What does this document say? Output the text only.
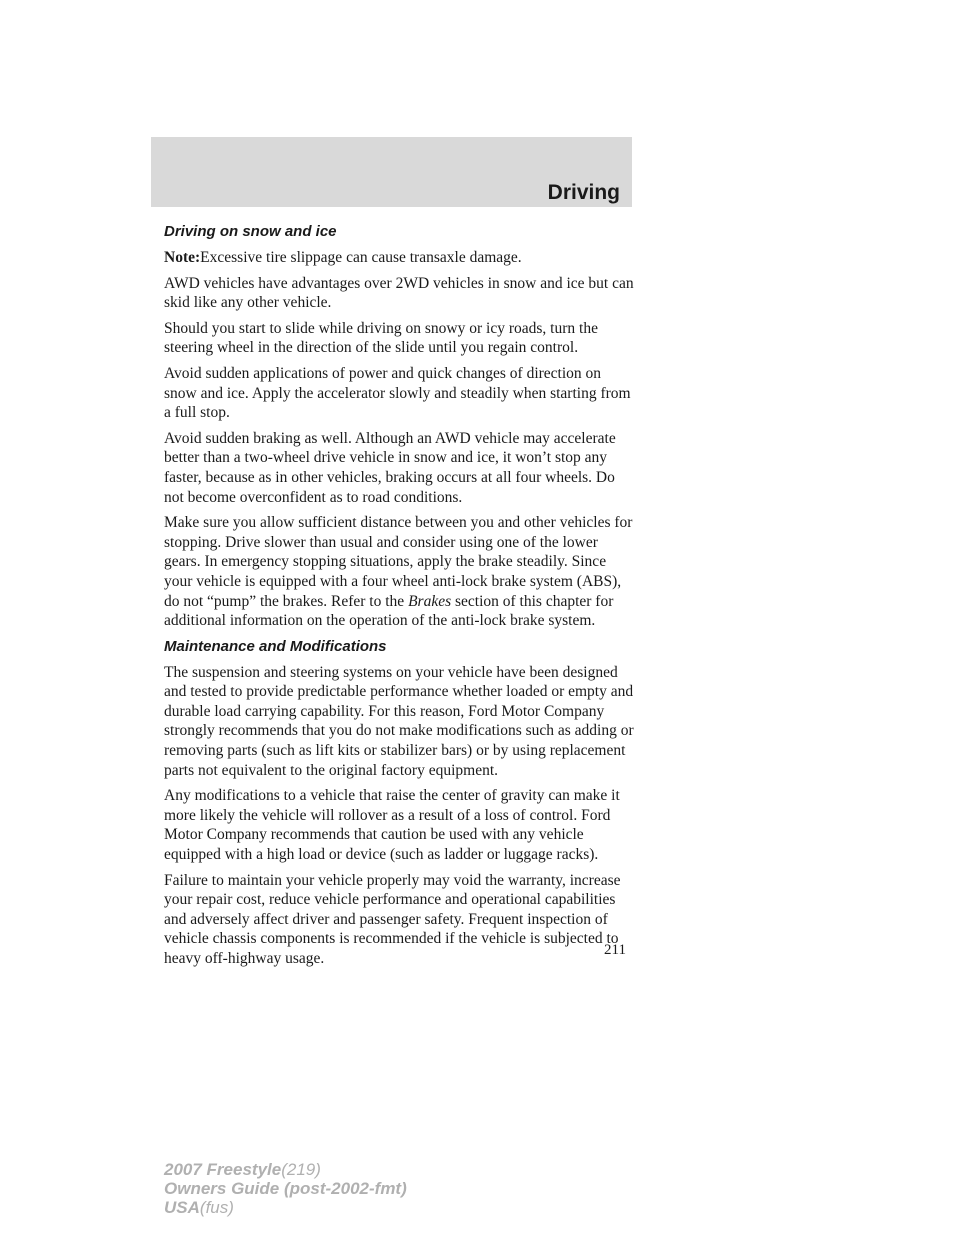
Driving
Driving on snow and ice

Note:Excessive tire slippage can cause transaxle damage.

AWD vehicles have advantages over 2WD vehicles in snow and ice but can skid like any other vehicle.

Should you start to slide while driving on snowy or icy roads, turn the steering wheel in the direction of the slide until you regain control.

Avoid sudden applications of power and quick changes of direction on snow and ice. Apply the accelerator slowly and steadily when starting from a full stop.

Avoid sudden braking as well. Although an AWD vehicle may accelerate better than a two-wheel drive vehicle in snow and ice, it won’t stop any faster, because as in other vehicles, braking occurs at all four wheels. Do not become overconfident as to road conditions.

Make sure you allow sufficient distance between you and other vehicles for stopping. Drive slower than usual and consider using one of the lower gears. In emergency stopping situations, apply the brake steadily. Since your vehicle is equipped with a four wheel anti-lock brake system (ABS), do not “pump” the brakes. Refer to the Brakes section of this chapter for additional information on the operation of the anti-lock brake system.

Maintenance and Modifications

The suspension and steering systems on your vehicle have been designed and tested to provide predictable performance whether loaded or empty and durable load carrying capability. For this reason, Ford Motor Company strongly recommends that you do not make modifications such as adding or removing parts (such as lift kits or stabilizer bars) or by using replacement parts not equivalent to the original factory equipment.

Any modifications to a vehicle that raise the center of gravity can make it more likely the vehicle will rollover as a result of a loss of control. Ford Motor Company recommends that caution be used with any vehicle equipped with a high load or device (such as ladder or luggage racks).

Failure to maintain your vehicle properly may void the warranty, increase your repair cost, reduce vehicle performance and operational capabilities and adversely affect driver and passenger safety. Frequent inspection of vehicle chassis components is recommended if the vehicle is subjected to heavy off-highway usage.	211
2007 Freestyle(219)
Owners Guide (post-2002-fmt)
USA(fus)
